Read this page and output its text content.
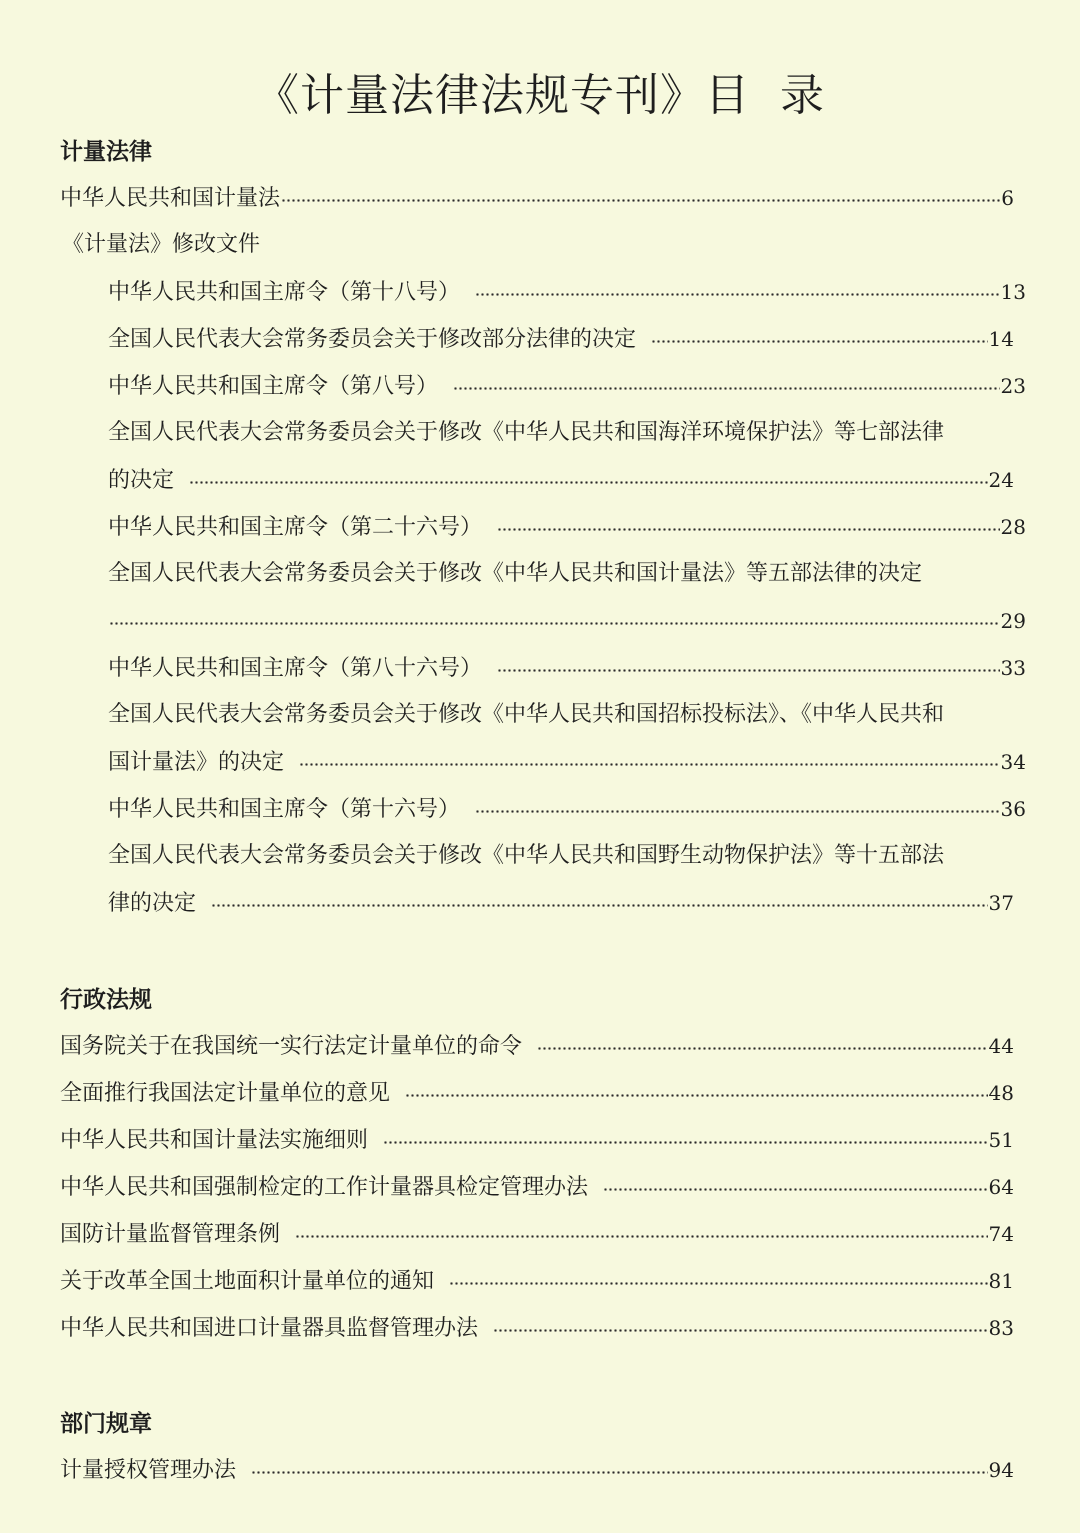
《计量法律法规专刊》目  录
计量法律
中华人民共和国计量法	6
《计量法》修改文件
中华人民共和国主席令（第十八号）	13
全国人民代表大会常务委员会关于修改部分法律的决定	14
中华人民共和国主席令（第八号）	23
全国人民代表大会常务委员会关于修改《中华人民共和国海洋环境保护法》等七部法律
的决定	24
中华人民共和国主席令（第二十六号）	28
全国人民代表大会常务委员会关于修改《中华人民共和国计量法》等五部法律的决定
29
中华人民共和国主席令（第八十六号）	33
全国人民代表大会常务委员会关于修改《中华人民共和国招标投标法》、《中华人民共和
国计量法》的决定	34
中华人民共和国主席令（第十六号）	36
全国人民代表大会常务委员会关于修改《中华人民共和国野生动物保护法》等十五部法
律的决定	37
行政法规
国务院关于在我国统一实行法定计量单位的命令	44
全面推行我国法定计量单位的意见	48
中华人民共和国计量法实施细则	51
中华人民共和国强制检定的工作计量器具检定管理办法	64
国防计量监督管理条例	74
关于改革全国土地面积计量单位的通知	81
中华人民共和国进口计量器具监督管理办法	83
部门规章
计量授权管理办法	94
